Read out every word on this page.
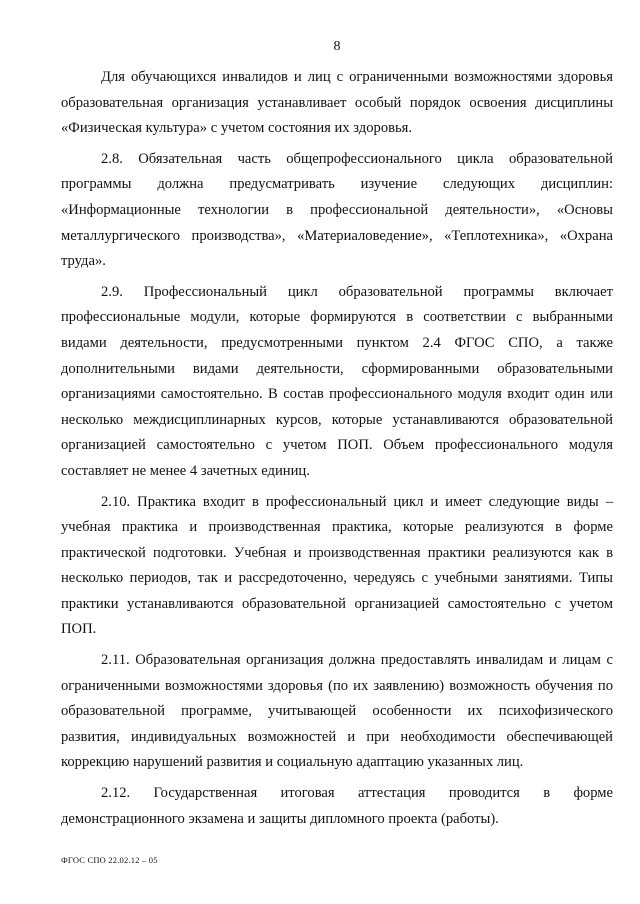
8

Для обучающихся инвалидов и лиц с ограниченными возможностями здоровья образовательная организация устанавливает особый порядок освоения дисциплины «Физическая культура» с учетом состояния их здоровья.

2.8. Обязательная часть общепрофессионального цикла образовательной программы должна предусматривать изучение следующих дисциплин: «Информационные технологии в профессиональной деятельности», «Основы металлургического производства», «Материаловедение», «Теплотехника», «Охрана труда».

2.9. Профессиональный цикл образовательной программы включает профессиональные модули, которые формируются в соответствии с выбранными видами деятельности, предусмотренными пунктом 2.4 ФГОС СПО, а также дополнительными видами деятельности, сформированными образовательными организациями самостоятельно. В состав профессионального модуля входит один или несколько междисциплинарных курсов, которые устанавливаются образовательной организацией самостоятельно с учетом ПОП. Объем профессионального модуля составляет не менее 4 зачетных единиц.

2.10. Практика входит в профессиональный цикл и имеет следующие виды – учебная практика и производственная практика, которые реализуются в форме практической подготовки. Учебная и производственная практики реализуются как в несколько периодов, так и рассредоточенно, чередуясь с учебными занятиями. Типы практики устанавливаются образовательной организацией самостоятельно с учетом ПОП.

2.11. Образовательная организация должна предоставлять инвалидам и лицам с ограниченными возможностями здоровья (по их заявлению) возможность обучения по образовательной программе, учитывающей особенности их психофизического развития, индивидуальных возможностей и при необходимости обеспечивающей коррекцию нарушений развития и социальную адаптацию указанных лиц.

2.12. Государственная итоговая аттестация проводится в форме демонстрационного экзамена и защиты дипломного проекта (работы).

ФГОС СПО 22.02.12 – 05
